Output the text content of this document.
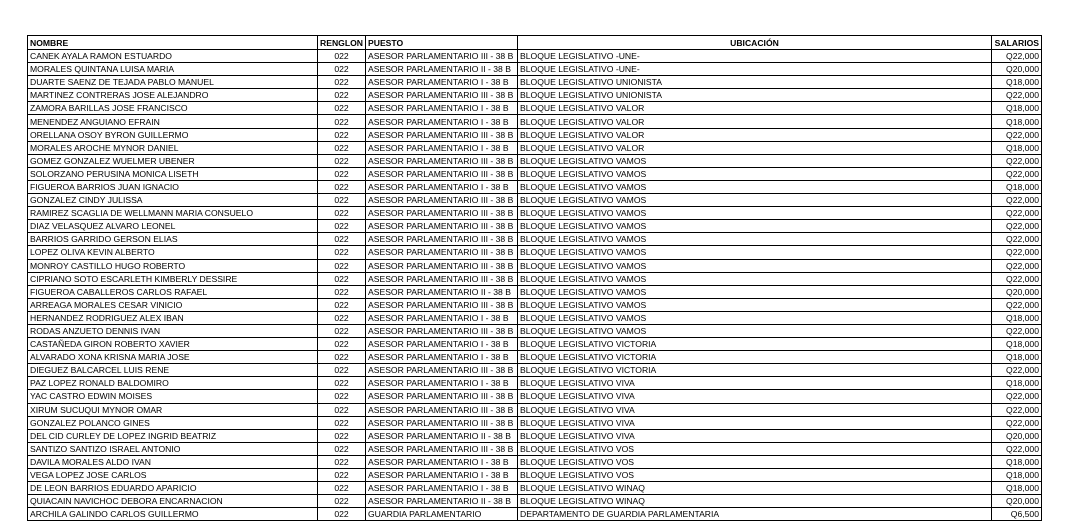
NOMBRE	RENGLON	PUESTO	UBICACIÓN	SALARIOS
CANEK AYALA RAMON ESTUARDO	022	ASESOR PARLAMENTARIO III - 38 B	BLOQUE LEGISLATIVO -UNE-	Q22,000
MORALES QUINTANA LUISA MARIA	022	ASESOR PARLAMENTARIO II - 38 B	BLOQUE LEGISLATIVO -UNE-	Q20,000
DUARTE SAENZ DE TEJADA PABLO MANUEL	022	ASESOR PARLAMENTARIO I - 38 B	BLOQUE LEGISLATIVO UNIONISTA	Q18,000
MARTINEZ CONTRERAS JOSE ALEJANDRO	022	ASESOR PARLAMENTARIO III - 38 B	BLOQUE LEGISLATIVO UNIONISTA	Q22,000
ZAMORA BARILLAS JOSE FRANCISCO	022	ASESOR PARLAMENTARIO I - 38 B	BLOQUE LEGISLATIVO VALOR	Q18,000
MENENDEZ ANGUIANO EFRAIN	022	ASESOR PARLAMENTARIO I - 38 B	BLOQUE LEGISLATIVO VALOR	Q18,000
ORELLANA OSOY BYRON GUILLERMO	022	ASESOR PARLAMENTARIO III - 38 B	BLOQUE LEGISLATIVO VALOR	Q22,000
MORALES AROCHE MYNOR DANIEL	022	ASESOR PARLAMENTARIO I - 38 B	BLOQUE LEGISLATIVO VALOR	Q18,000
GOMEZ GONZALEZ WUELMER UBENER	022	ASESOR PARLAMENTARIO III - 38 B	BLOQUE LEGISLATIVO VAMOS	Q22,000
SOLORZANO PERUSINA MONICA LISETH	022	ASESOR PARLAMENTARIO III - 38 B	BLOQUE LEGISLATIVO VAMOS	Q22,000
FIGUEROA BARRIOS JUAN IGNACIO	022	ASESOR PARLAMENTARIO I - 38 B	BLOQUE LEGISLATIVO VAMOS	Q18,000
GONZALEZ CINDY JULISSA	022	ASESOR PARLAMENTARIO III - 38 B	BLOQUE LEGISLATIVO VAMOS	Q22,000
RAMIREZ SCAGLIA DE WELLMANN MARIA CONSUELO	022	ASESOR PARLAMENTARIO III - 38 B	BLOQUE LEGISLATIVO VAMOS	Q22,000
DIAZ VELASQUEZ ALVARO LEONEL	022	ASESOR PARLAMENTARIO III - 38 B	BLOQUE LEGISLATIVO VAMOS	Q22,000
BARRIOS GARRIDO GERSON ELIAS	022	ASESOR PARLAMENTARIO III - 38 B	BLOQUE LEGISLATIVO VAMOS	Q22,000
LOPEZ OLIVA KEVIN ALBERTO	022	ASESOR PARLAMENTARIO III - 38 B	BLOQUE LEGISLATIVO VAMOS	Q22,000
MONROY CASTILLO HUGO ROBERTO	022	ASESOR PARLAMENTARIO III - 38 B	BLOQUE LEGISLATIVO VAMOS	Q22,000
CIPRIANO SOTO ESCARLETH KIMBERLY DESSIRE	022	ASESOR PARLAMENTARIO III - 38 B	BLOQUE LEGISLATIVO VAMOS	Q22,000
FIGUEROA CABALLEROS CARLOS RAFAEL	022	ASESOR PARLAMENTARIO II - 38 B	BLOQUE LEGISLATIVO VAMOS	Q20,000
ARREAGA MORALES CESAR VINICIO	022	ASESOR PARLAMENTARIO III - 38 B	BLOQUE LEGISLATIVO VAMOS	Q22,000
HERNANDEZ RODRIGUEZ ALEX IBAN	022	ASESOR PARLAMENTARIO I - 38 B	BLOQUE LEGISLATIVO VAMOS	Q18,000
RODAS ANZUETO DENNIS IVAN	022	ASESOR PARLAMENTARIO III - 38 B	BLOQUE LEGISLATIVO VAMOS	Q22,000
CASTAÑEDA GIRON ROBERTO XAVIER	022	ASESOR PARLAMENTARIO I - 38 B	BLOQUE LEGISLATIVO VICTORIA	Q18,000
ALVARADO XONA KRISNA MARIA JOSE	022	ASESOR PARLAMENTARIO I - 38 B	BLOQUE LEGISLATIVO VICTORIA	Q18,000
DIEGUEZ BALCARCEL LUIS RENE	022	ASESOR PARLAMENTARIO III - 38 B	BLOQUE LEGISLATIVO VICTORIA	Q22,000
PAZ LOPEZ RONALD BALDOMIRO	022	ASESOR PARLAMENTARIO I - 38 B	BLOQUE LEGISLATIVO VIVA	Q18,000
YAC CASTRO EDWIN MOISES	022	ASESOR PARLAMENTARIO III - 38 B	BLOQUE LEGISLATIVO VIVA	Q22,000
XIRUM SUCUQUI MYNOR OMAR	022	ASESOR PARLAMENTARIO III - 38 B	BLOQUE LEGISLATIVO VIVA	Q22,000
GONZALEZ POLANCO GINES	022	ASESOR PARLAMENTARIO III - 38 B	BLOQUE LEGISLATIVO VIVA	Q22,000
DEL CID CURLEY DE LOPEZ INGRID BEATRIZ	022	ASESOR PARLAMENTARIO II - 38 B	BLOQUE LEGISLATIVO VIVA	Q20,000
SANTIZO SANTIZO ISRAEL ANTONIO	022	ASESOR PARLAMENTARIO III - 38 B	BLOQUE LEGISLATIVO VOS	Q22,000
DAVILA MORALES ALDO IVAN	022	ASESOR PARLAMENTARIO I - 38 B	BLOQUE LEGISLATIVO VOS	Q18,000
VEGA LOPEZ JOSE CARLOS	022	ASESOR PARLAMENTARIO I - 38 B	BLOQUE LEGISLATIVO VOS	Q18,000
DE LEON BARRIOS EDUARDO APARICIO	022	ASESOR PARLAMENTARIO I - 38 B	BLOQUE LEGISLATIVO WINAQ	Q18,000
QUIACAIN NAVICHOC DEBORA ENCARNACION	022	ASESOR PARLAMENTARIO II - 38 B	BLOQUE LEGISLATIVO WINAQ	Q20,000
ARCHILA GALINDO CARLOS GUILLERMO	022	GUARDIA PARLAMENTARIO	DEPARTAMENTO DE GUARDIA PARLAMENTARIA	Q6,500
